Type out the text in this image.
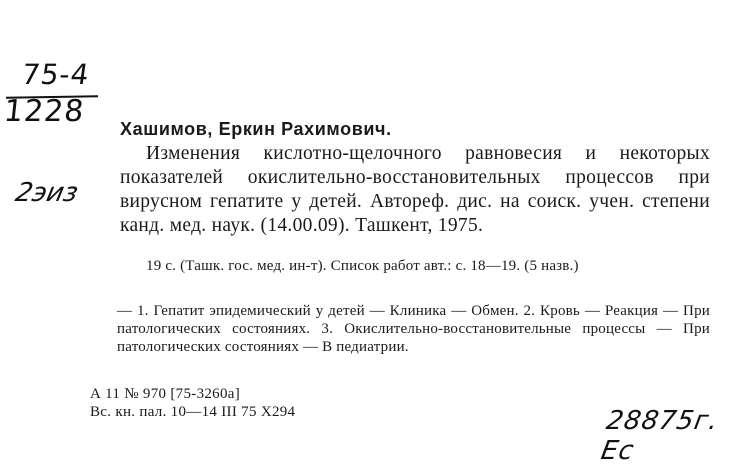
75-4
1228
2эиз
Хашимов, Еркин Рахимович.
Изменения кислотно-щелочного равновесия и некоторых показателей окислительно-восстановительных процессов при вирусном гепатите у детей. Автореф. дис. на соиск. учен. степени канд. мед. наук. (14.00.09). Ташкент, 1975.
19 с. (Ташк. гос. мед. ин-т). Список работ авт.: с. 18—19. (5 назв.)
— 1. Гепатит эпидемический у детей — Клиника — Обмен. 2. Кровь — Реакция — При патологических состояниях. 3. Окислительно-восстановительные процессы — При патологических состояниях — В педиатрии.
А 11 № 970 [75-3260а]
Вс. кн. пал. 10—14 III 75 Х294	28875г. Ес
